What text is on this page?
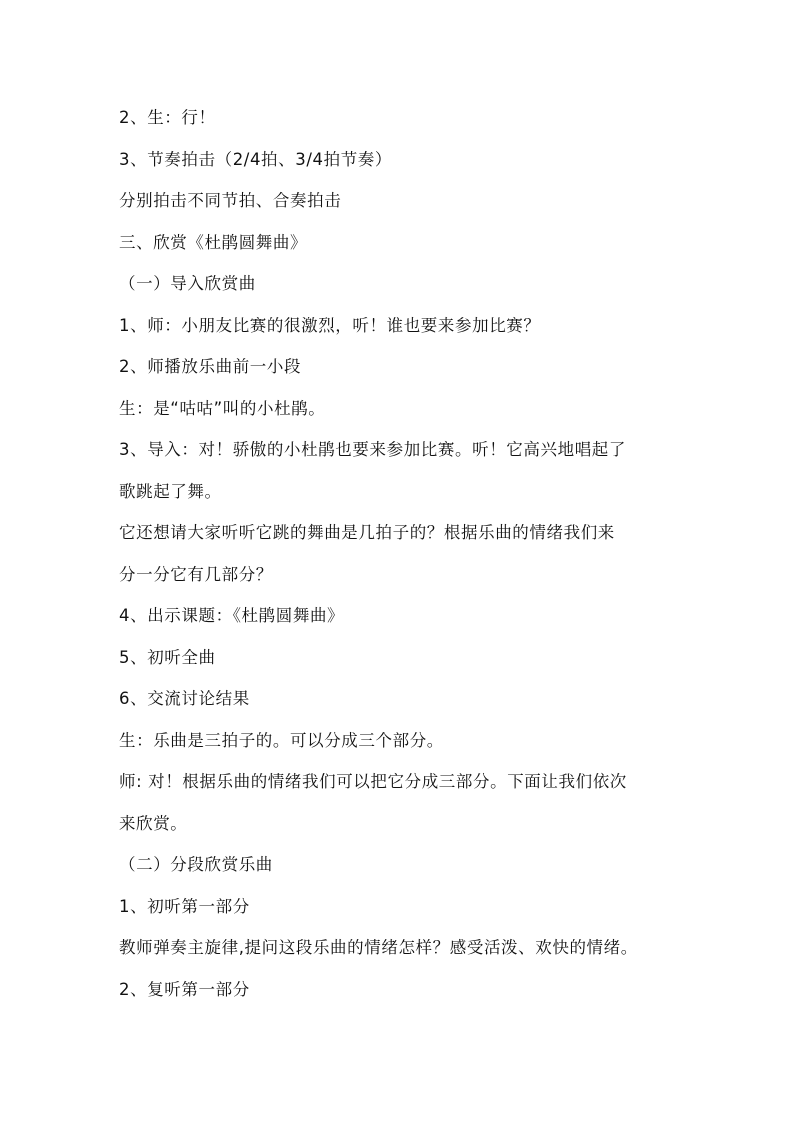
2、生：行！
3、节奏拍击（2/4拍、3/4拍节奏）
分别拍击不同节拍、合奏拍击
三、欣赏《杜鹃圆舞曲》
（一）导入欣赏曲
1、师：小朋友比赛的很激烈，听！谁也要来参加比赛？
2、师播放乐曲前一小段
生：是“咕咕”叫的小杜鹃。
3、导入：对！骄傲的小杜鹃也要来参加比赛。听！它高兴地唱起了
歌跳起了舞。
它还想请大家听听它跳的舞曲是几拍子的？根据乐曲的情绪我们来
分一分它有几部分？
4、出示课题：《杜鹃圆舞曲》
5、初听全曲
6、交流讨论结果
生：乐曲是三拍子的。可以分成三个部分。
师: 对！根据乐曲的情绪我们可以把它分成三部分。下面让我们依次
来欣赏。
（二）分段欣赏乐曲
1、初听第一部分
教师弹奏主旋律,提问这段乐曲的情绪怎样？感受活泼、欢快的情绪。
2、复听第一部分
